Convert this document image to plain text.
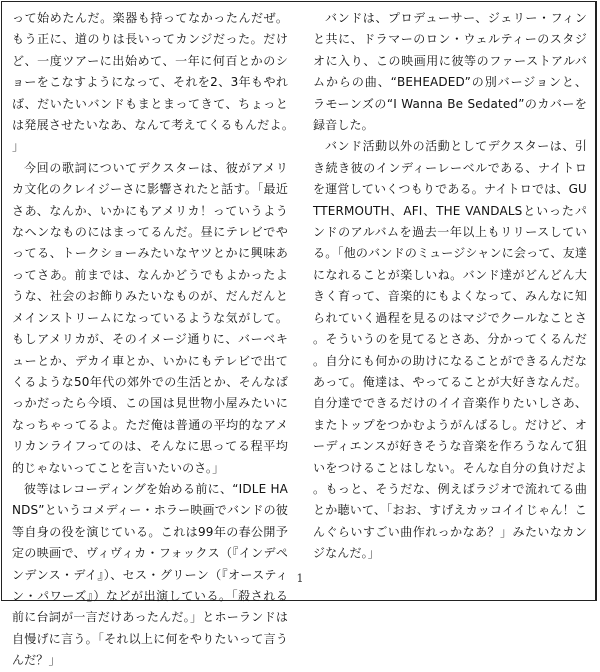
って始めたんだ。楽器も持ってなかったんだぜ。もう正に、道のりは長いってカンジだった。だけど、一度ツアーに出始めて、一年に何百とかのショーをこなすようになって、それを2、3年もやれば、だいたいバンドもまとまってきて、ちょっとは発展させたいなあ、なんて考えてくるもんだよ。」

今回の歌詞についてデクスターは、彼がアメリカ文化のクレイジーさに影響されたと話す。「最近さあ、なんか、いかにもアメリカ！っていうようなヘンなものにはまってるんだ。昼にテレビでやってる、トークショーみたいなヤツとかに興味あってさあ。前までは、なんかどうでもよかったような、社会のお飾りみたいなものが、だんだんとメインストリームになっているような気がして。もしアメリカが、そのイメージ通りに、バーベキューとか、デカイ車とか、いかにもテレビで出てくるような50年代の郊外での生活とか、そんなばっかだったら今頃、この国は見世物小屋みたいになっちゃってるよ。ただ俺は普通の平均的なアメリカンライフってのは、そんなに思ってる程平均的じゃないってことを言いたいのさ。」

彼等はレコーディングを始める前に、“IDLE HANDS”というコメディー・ホラー映画でバンドの彼等自身の役を演じている。これは99年の春公開予定の映画で、ヴィヴィカ・フォックス（『インデペンデンス・デイ』）、セス・グリーン（『オースティン・パワーズ』）などが出演している。「殺される前に台詞が一言だけあったんだ。」とホーランドは自慢げに言う。「それ以上に何をやりたいって言うんだ？」

バンドは、プロデューサー、ジェリー・フィンと共に、ドラマーのロン・ウェルティーのスタジオに入り、この映画用に彼等のファーストアルバムからの曲、“BEHEADED”の別バージョンと、ラモーンズの“I Wanna Be Sedated”のカバーを録音した。

バンド活動以外の活動としてデクスターは、引き続き彼のインディーレーベルである、ナイトロを運営していくつもりである。ナイトロでは、GUTTERMOUTH、AFI、THE VANDALSといったパンドのアルバムを過去一年以上もリリースしている。「他のバンドのミュージシャンに会って、友達になれることが楽しいね。バンド達がどんどん大きく育って、音楽的にもよくなって、みんなに知られていく過程を見るのはマジでクールなことさ。そういうのを見てるとさあ、分かってくるんだ。自分にも何かの助けになることができるんだなあって。俺達は、やってることが大好きなんだ。自分達でできるだけのイイ音楽作りたいしさあ、またトップをつかむようがんばるし。だけど、オーディエンスが好きそうな音楽を作ろうなんて狙いをつけることはしない。そんな自分の負けだよ。もっと、そうだな、例えばラジオで流れてる曲とか聴いて、「おお、すげえカッコイイじゃん！こんぐらいすごい曲作れっかなあ？」みたいなカンジなんだ。」

1
